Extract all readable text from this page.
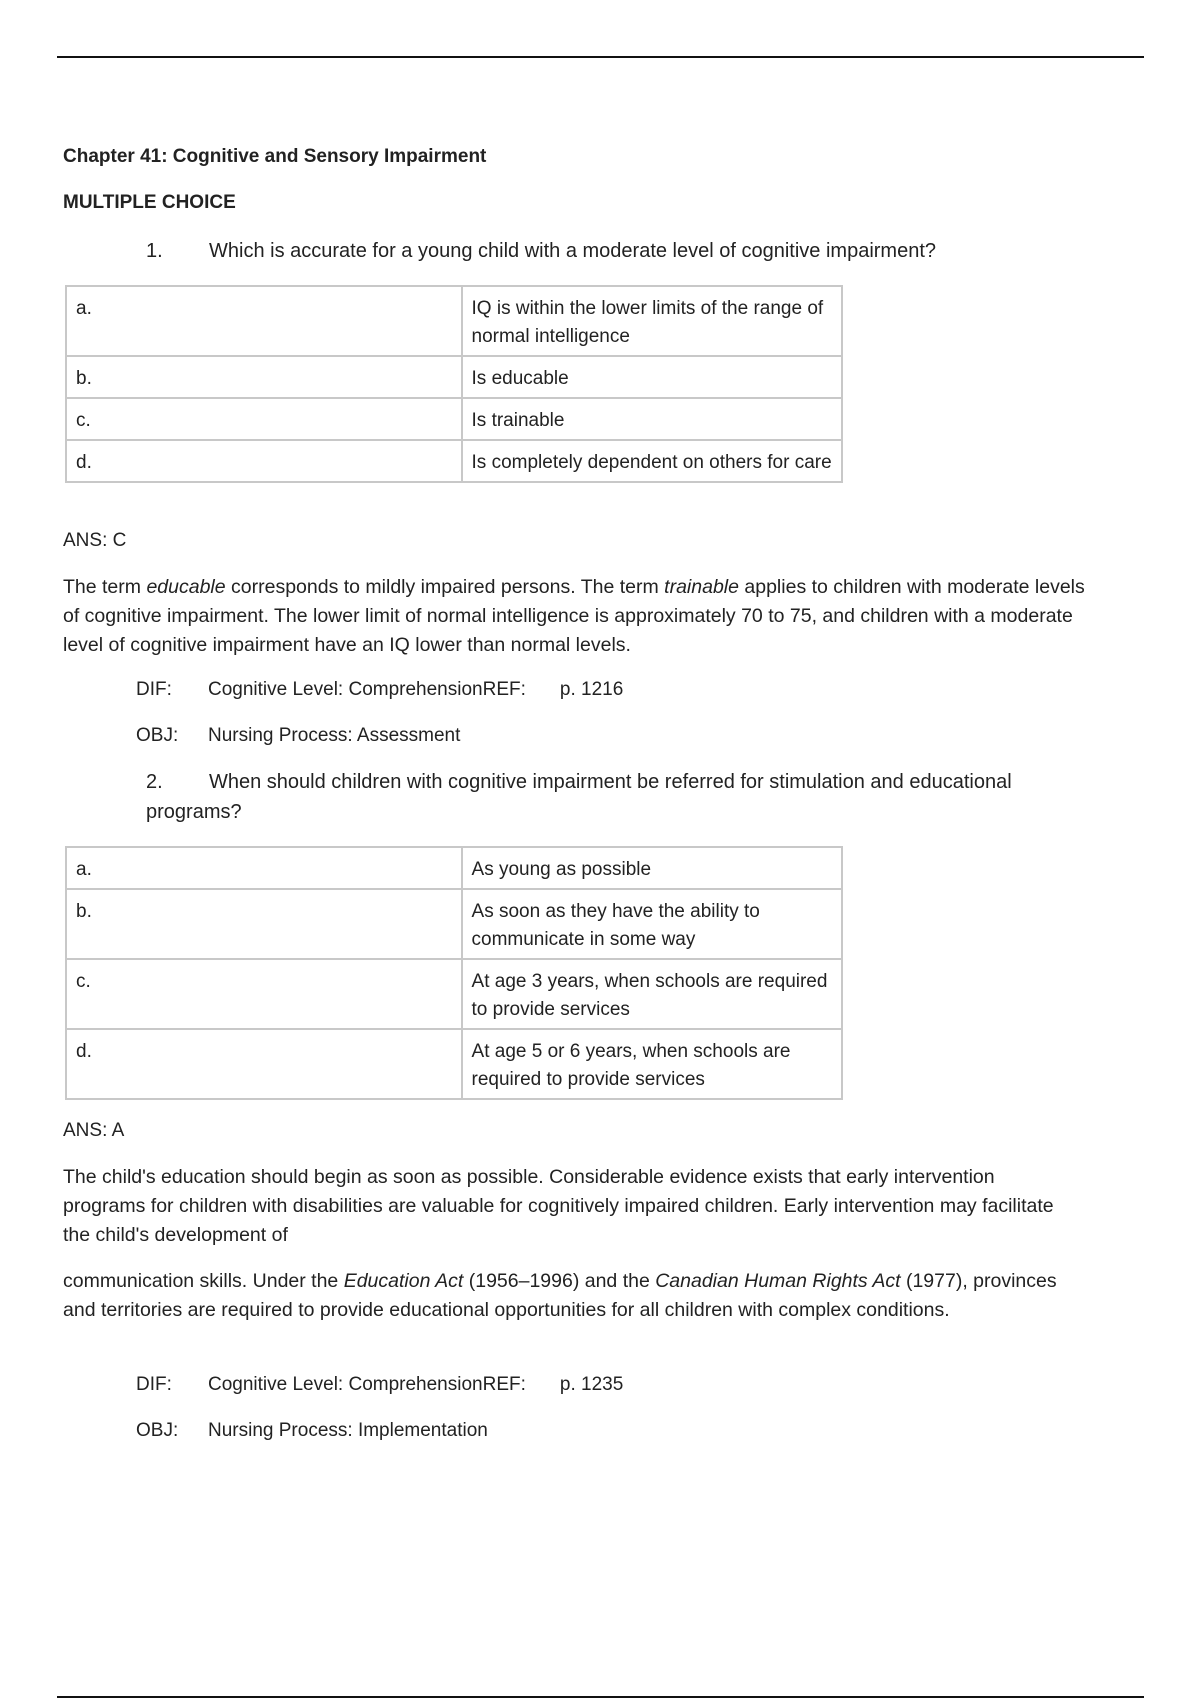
Chapter 41: Cognitive and Sensory Impairment
MULTIPLE CHOICE
1. Which is accurate for a young child with a moderate level of cognitive impairment?
a.	IQ is within the lower limits of the range of normal intelligence
b.	Is educable
c.	Is trainable
d.	Is completely dependent on others for care
ANS: C
The term educable corresponds to mildly impaired persons. The term trainable applies to children with moderate levels of cognitive impairment. The lower limit of normal intelligence is approximately 70 to 75, and children with a moderate level of cognitive impairment have an IQ lower than normal levels.
DIF: Cognitive Level: ComprehensionREF: p. 1216
OBJ: Nursing Process: Assessment
2. When should children with cognitive impairment be referred for stimulation and educational programs?
a.	As young as possible
b.	As soon as they have the ability to communicate in some way
c.	At age 3 years, when schools are required to provide services
d.	At age 5 or 6 years, when schools are required to provide services
ANS: A
The child's education should begin as soon as possible. Considerable evidence exists that early intervention programs for children with disabilities are valuable for cognitively impaired children. Early intervention may facilitate the child's development of
communication skills. Under the Education Act (1956–1996) and the Canadian Human Rights Act (1977), provinces and territories are required to provide educational opportunities for all children with complex conditions.
DIF: Cognitive Level: ComprehensionREF: p. 1235
OBJ: Nursing Process: Implementation
